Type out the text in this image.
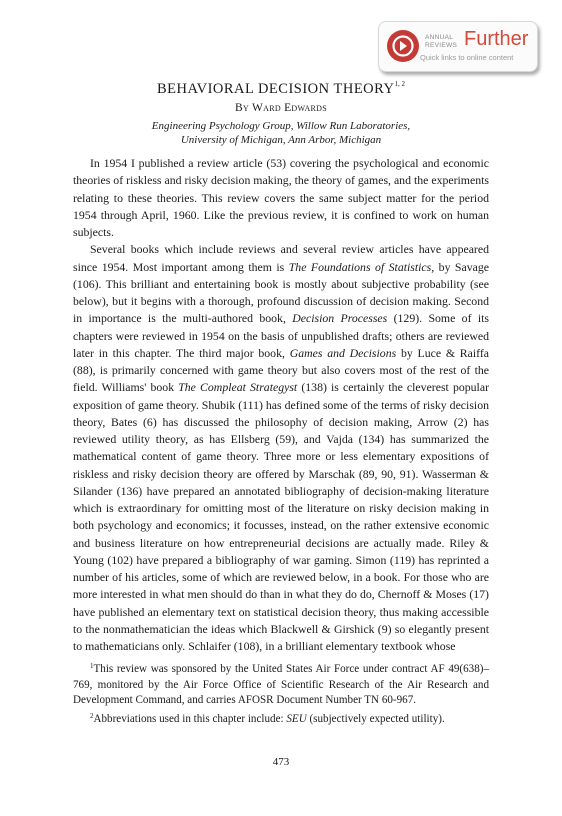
ANNUAL
REVIEWS Further
Quick links to online content
BEHAVIORAL DECISION THEORY$^{1, 2}$
By Ward Edwards
Engineering Psychology Group, Willow Run Laboratories,
University of Michigan, Ann Arbor, Michigan

In 1954 I published a review article (53) covering the psychological and economic theories of riskless and risky decision making, the theory of games, and the experiments relating to these theories. This review covers the same subject matter for the period 1954 through April, 1960. Like the previous review, it is confined to work on human subjects.

Several books which include reviews and several review articles have appeared since 1954. Most important among them is The Foundations of Statistics, by Savage (106). This brilliant and entertaining book is mostly about subjective probability (see below), but it begins with a thorough, profound discussion of decision making. Second in importance is the multi-authored book, Decision Processes (129). Some of its chapters were reviewed in 1954 on the basis of unpublished drafts; others are reviewed later in this chapter. The third major book, Games and Decisions by Luce & Raiffa (88), is primarily concerned with game theory but also covers most of the rest of the field. Williams' book The Compleat Strategyst (138) is certainly the cleverest popular exposition of game theory. Shubik (111) has defined some of the terms of risky decision theory, Bates (6) has discussed the philosophy of decision making, Arrow (2) has reviewed utility theory, as has Ellsberg (59), and Vajda (134) has summarized the mathematical content of game theory. Three more or less elementary expositions of riskless and risky decision theory are offered by Marschak (89, 90, 91). Wasserman & Silander (136) have prepared an annotated bibliography of decision-making literature which is extraordinary for omitting most of the literature on risky decision making in both psychology and economics; it focusses, instead, on the rather extensive economic and business literature on how entrepreneurial decisions are actually made. Riley & Young (102) have prepared a bibliography of war gaming. Simon (119) has reprinted a number of his articles, some of which are reviewed below, in a book. For those who are more interested in what men should do than in what they do do, Chernoff & Moses (17) have published an elementary text on statistical decision theory, thus making accessible to the nonmathematician the ideas which Blackwell & Girshick (9) so elegantly present to mathematicians only. Schlaifer (108), in a brilliant elementary textbook whose

$^1$This review was sponsored by the United States Air Force under contract AF 49(638)–769, monitored by the Air Force Office of Scientific Research of the Air Research and Development Command, and carries AFOSR Document Number TN 60-967.

$^2$Abbreviations used in this chapter include: SEU (subjectively expected utility).

473
